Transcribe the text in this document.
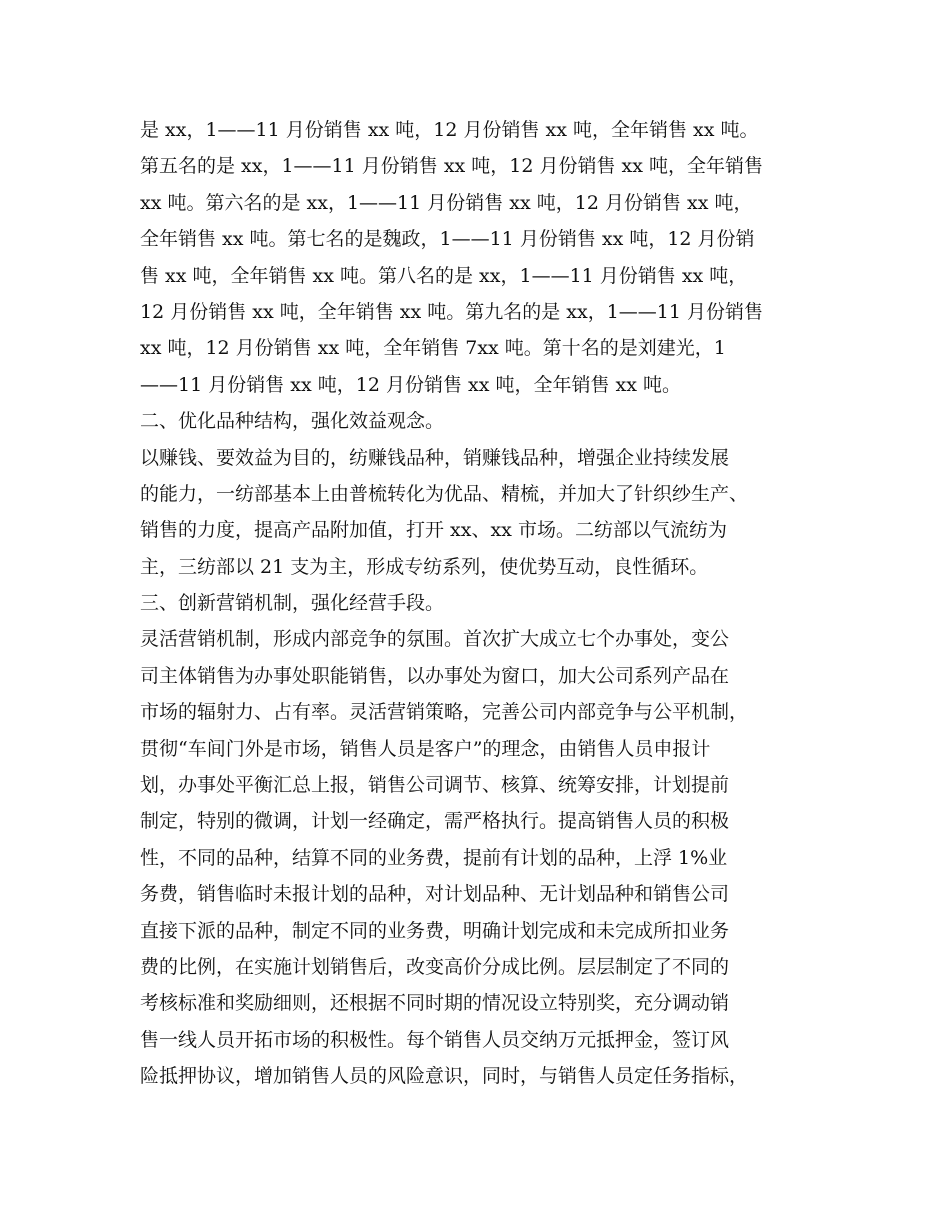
是 xx，1——11 月份销售 xx 吨，12 月份销售 xx 吨，全年销售 xx 吨。
第五名的是 xx，1——11 月份销售 xx 吨，12 月份销售 xx 吨，全年销售
xx 吨。第六名的是 xx，1——11 月份销售 xx 吨，12 月份销售 xx 吨，
全年销售 xx 吨。第七名的是魏政，1——11 月份销售 xx 吨，12 月份销
售 xx 吨，全年销售 xx 吨。第八名的是 xx，1——11 月份销售 xx 吨，
12 月份销售 xx 吨，全年销售 xx 吨。第九名的是 xx，1——11 月份销售
xx 吨，12 月份销售 xx 吨，全年销售 7xx 吨。第十名的是刘建光，1
——11 月份销售 xx 吨，12 月份销售 xx 吨，全年销售 xx 吨。
二、优化品种结构，强化效益观念。
以赚钱、要效益为目的，纺赚钱品种，销赚钱品种，增强企业持续发展
的能力，一纺部基本上由普梳转化为优品、精梳，并加大了针织纱生产、
销售的力度，提高产品附加值，打开 xx、xx 市场。二纺部以气流纺为
主，三纺部以 21 支为主，形成专纺系列，使优势互动，良性循环。
三、创新营销机制，强化经营手段。
灵活营销机制，形成内部竞争的氛围。首次扩大成立七个办事处，变公
司主体销售为办事处职能销售，以办事处为窗口，加大公司系列产品在
市场的辐射力、占有率。灵活营销策略，完善公司内部竞争与公平机制，
贯彻“车间门外是市场，销售人员是客户”的理念，由销售人员申报计
划，办事处平衡汇总上报，销售公司调节、核算、统筹安排，计划提前
制定，特别的微调，计划一经确定，需严格执行。提高销售人员的积极
性，不同的品种，结算不同的业务费，提前有计划的品种，上浮 1%业
务费，销售临时未报计划的品种，对计划品种、无计划品种和销售公司
直接下派的品种，制定不同的业务费，明确计划完成和未完成所扣业务
费的比例，在实施计划销售后，改变高价分成比例。层层制定了不同的
考核标准和奖励细则，还根据不同时期的情况设立特别奖，充分调动销
售一线人员开拓市场的积极性。每个销售人员交纳万元抵押金，签订风
险抵押协议，增加销售人员的风险意识，同时，与销售人员定任务指标，
